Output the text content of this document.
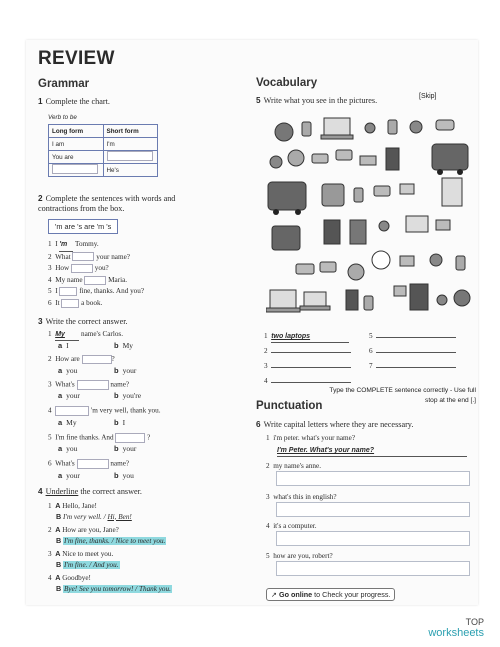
REVIEW
Grammar
1 Complete the chart.
Verb to be
Long form	Short form
I am	I'm
You are	
	He's
2 Complete the sentences with words and contractions from the box.
'm are 's are 'm 's
1 I 'm Tommy.
2 What	your name?
3 How	you?
4 My name	Maria.
5 I	fine, thanks. And you?
6 It	a book.
3 Write the correct answer.
1 My name's Carlos.
a I	b My
2 How are	?
a you	b your
3 What's	name?
a your	b you're
4	'm very well, thank you.
a My	b I
5 I'm fine thanks. And	?
a you	b your
6 What's	name?
a your	b you
4 Underline the correct answer.
1 A Hello, Jane!
B I'm very well. / Hi, Ben!
2 A How are you, Jane?
B I'm fine, thanks. / Nice to meet you.
3 A Nice to meet you.
B I'm fine. / And you.
4 A Goodbye!
B Bye! See you tomorrow! / Thank you.
Vocabulary
5 Write what you see in the pictures.	[Skip]
1 two laptops
2
3
4
5
6
7
Type the COMPLETE sentence correctly - Use full stop at the end [.]
Punctuation
6 Write capital letters where they are necessary.
1 i'm peter. what's your name?
I'm Peter. What's your name?
2 my name's anne.
3 what's this in english?
4 it's a computer.
5 how are you, robert?
↗ Go online to Check your progress.
TOP
worksheets
